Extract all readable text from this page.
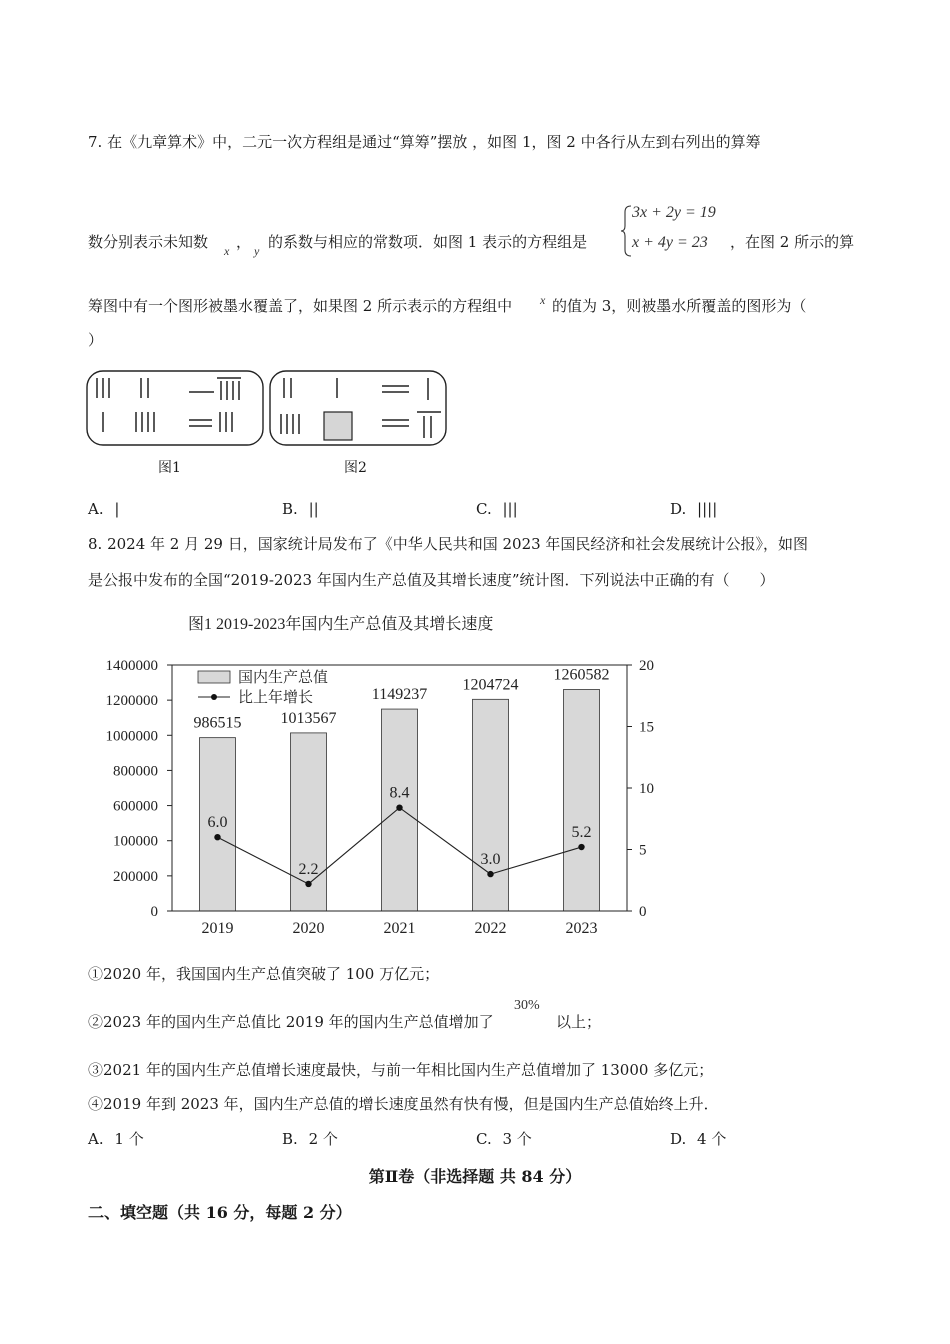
7. 在《九章算术》中，二元一次方程组是通过“算筹”摆放 ，如图 1，图 2 中各行从左到右列出的算筹
数分别表示未知数 x ， y 的系数与相应的常数项．如图 1 表示的方程组是
3x + 2y = 19
x + 4y = 23 ，在图 2 所示的算
筹图中有一个图形被墨水覆盖了，如果图 2 所示表示的方程组中 x 的值为 3，则被墨水所覆盖的图形为（
）
图1	图2
A. |	B. ||	C. |||	D. ||||
8. 2024 年 2 月 29 日，国家统计局发布了《中华人民共和国 2023 年国民经济和社会发展统计公报》，如图
是公报中发布的全国“2019-2023 年国内生产总值及其增长速度”统计图．下列说法中正确的有（　　）
图1 2019-2023年国内生产总值及其增长速度
986515 1013567
1149237
1204724
1260582
0
200000
100000
600000
800000
1000000
1200000
1400000
0
5
10
15
20
2019	2020	2021	2022	2023
6.0
2.2
8.4
3.0
5.2
国内生产总值
比上年增长
①2020 年，我国国内生产总值突破了 100 万亿元；
②2023 年的国内生产总值比 2019 年的国内生产总值增加了
30%
以上；
③2021 年的国内生产总值增长速度最快，与前一年相比国内生产总值增加了 13000 多亿元；
④2019 年到 2023 年，国内生产总值的增长速度虽然有快有慢，但是国内生产总值始终上升．
A. 1 个	B. 2 个	C. 3 个	D. 4 个
第Ⅱ卷（非选择题 共 84 分）
二、填空题（共 16 分，每题 2 分）
